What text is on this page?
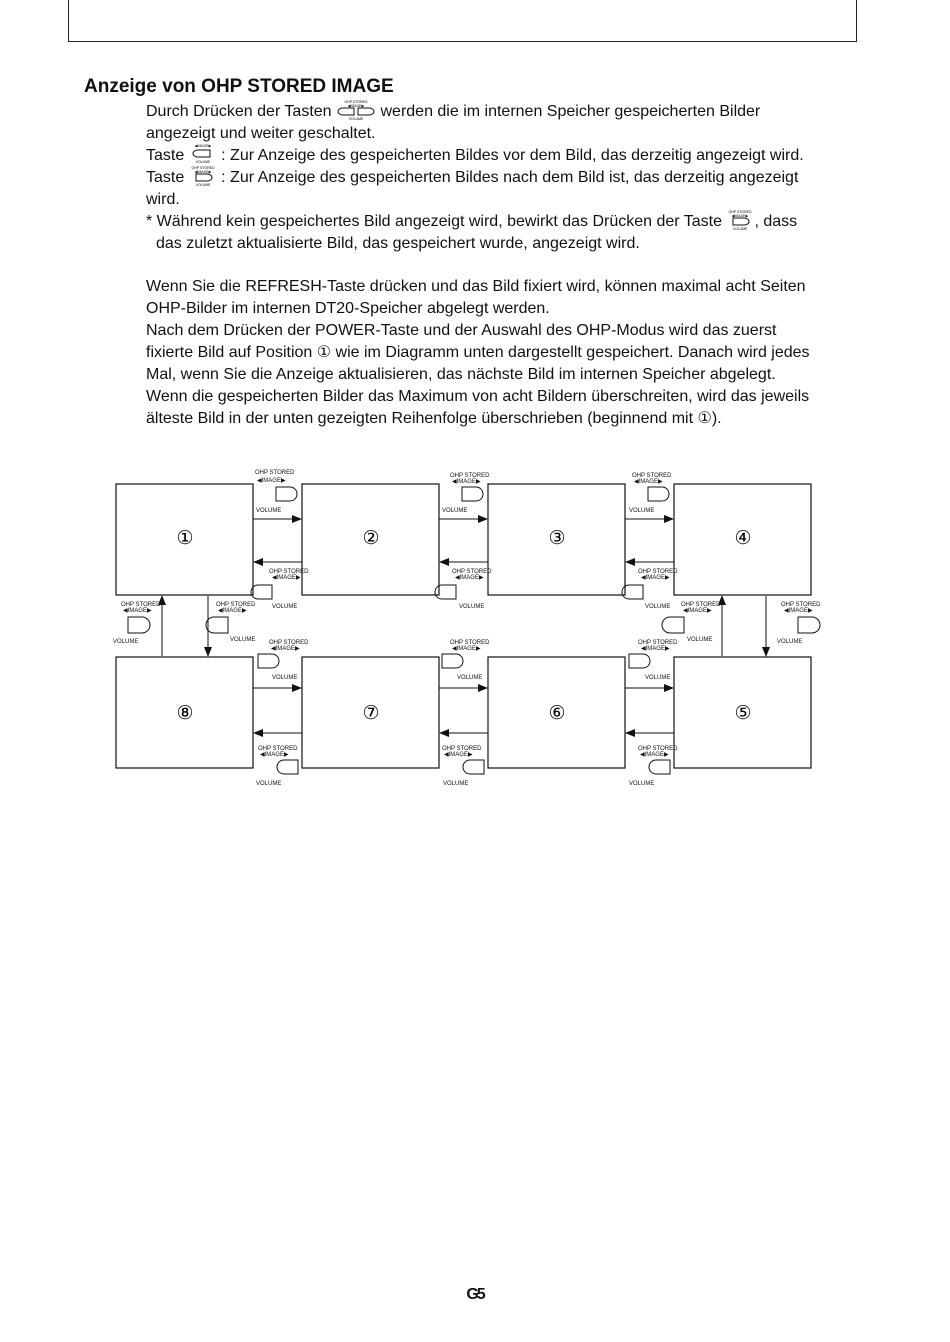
Anzeige von OHP STORED IMAGE

Durch Drücken der Tasten
OHP STORED
◀IMAGE▶
VOLUME werden die im internen Speicher gespeicherten Bilder
angezeigt und weiter geschaltet.

Taste
◀IMAGE▶
VOLUME : Zur Anzeige des gespeicherten Bildes vor dem Bild, das derzeitig angezeigt wird.

Taste
OHP STORED
◀IMAGE▶
VOLUME : Zur Anzeige des gespeicherten Bildes nach dem Bild ist, das derzeitig angezeigt
wird.

* Während kein gespeichertes Bild angezeigt wird, bewirkt das Drücken der Taste
OHP STORED
◀IMAGE▶
VOLUME , dass
das zuletzt aktualisierte Bild, das gespeichert wurde, angezeigt wird.

Wenn Sie die REFRESH-Taste drücken und das Bild fixiert wird, können maximal acht Seiten
OHP-Bilder im internen DT20-Speicher abgelegt werden.
Nach dem Drücken der POWER-Taste und der Auswahl des OHP-Modus wird das zuerst
fixierte Bild auf Position ① wie im Diagramm unten dargestellt gespeichert. Danach wird jedes
Mal, wenn Sie die Anzeige aktualisieren, das nächste Bild im internen Speicher abgelegt.
Wenn die gespeicherten Bilder das Maximum von acht Bildern überschreiten, wird das jeweils
älteste Bild in der unten gezeigten Reihenfolge überschrieben (beginnend mit ①).

①	②	③	④
⑧	⑦	⑥	⑤
OHP STORED
◀IMAGE▶
VOLUME
OHP STORED
◀IMAGE▶
VOLUME
OHP STORED
◀IMAGE▶
VOLUME
OHP STORED
◀IMAGE▶
VOLUME
OHP STORED
◀IMAGE▶
VOLUME
OHP STORED
◀IMAGE▶
VOLUME
OHP STORED
◀IMAGE▶
VOLUME
OHP STORED
◀IMAGE▶
VOLUME
OHP STORED
◀IMAGE▶
VOLUME
OHP STORED
◀IMAGE▶
VOLUME
OHP STORED
◀IMAGE▶
VOLUME
OHP STORED
◀IMAGE▶
VOLUME
OHP STORED
◀IMAGE▶
VOLUME
OHP STORED
◀IMAGE▶
VOLUME
OHP STORED
◀IMAGE▶
VOLUME
OHP STORED
◀IMAGE▶
VOLUME
G5
